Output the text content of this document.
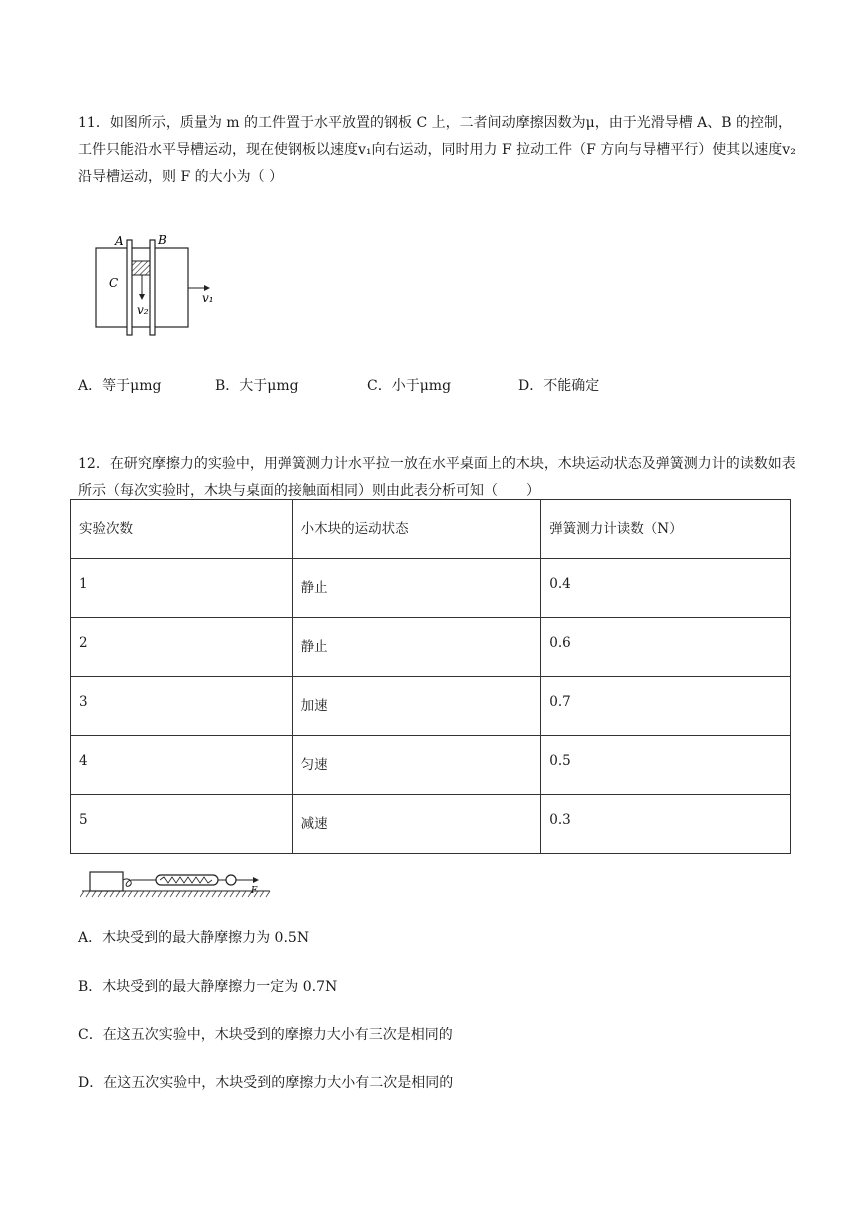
11．如图所示，质量为 m 的工件置于水平放置的钢板 C 上，二者间动摩擦因数为μ，由于光滑导槽 A、B 的控制，工件只能沿水平导槽运动，现在使钢板以速度v₁向右运动，同时用力 F 拉动工件（F 方向与导槽平行）使其以速度v₂沿导槽运动，则 F 的大小为（ ）

A	B
C
v₁
v₂
A．等于μmg	B．大于μmg	C．小于μmg	D．不能确定

12．在研究摩擦力的实验中，用弹簧测力计水平拉一放在水平桌面上的木块，木块运动状态及弹簧测力计的读数如表所示（每次实验时，木块与桌面的接触面相同）则由此表分析可知（　　）

实验次数	小木块的运动状态	弹簧测力计读数（N）
1	静止	0.4
2	静止	0.6
3	加速	0.7
4	匀速	0.5
5	减速	0.3
F

A．木块受到的最大静摩擦力为 0.5N

B．木块受到的最大静摩擦力一定为 0.7N

C．在这五次实验中，木块受到的摩擦力大小有三次是相同的

D．在这五次实验中，木块受到的摩擦力大小有二次是相同的
